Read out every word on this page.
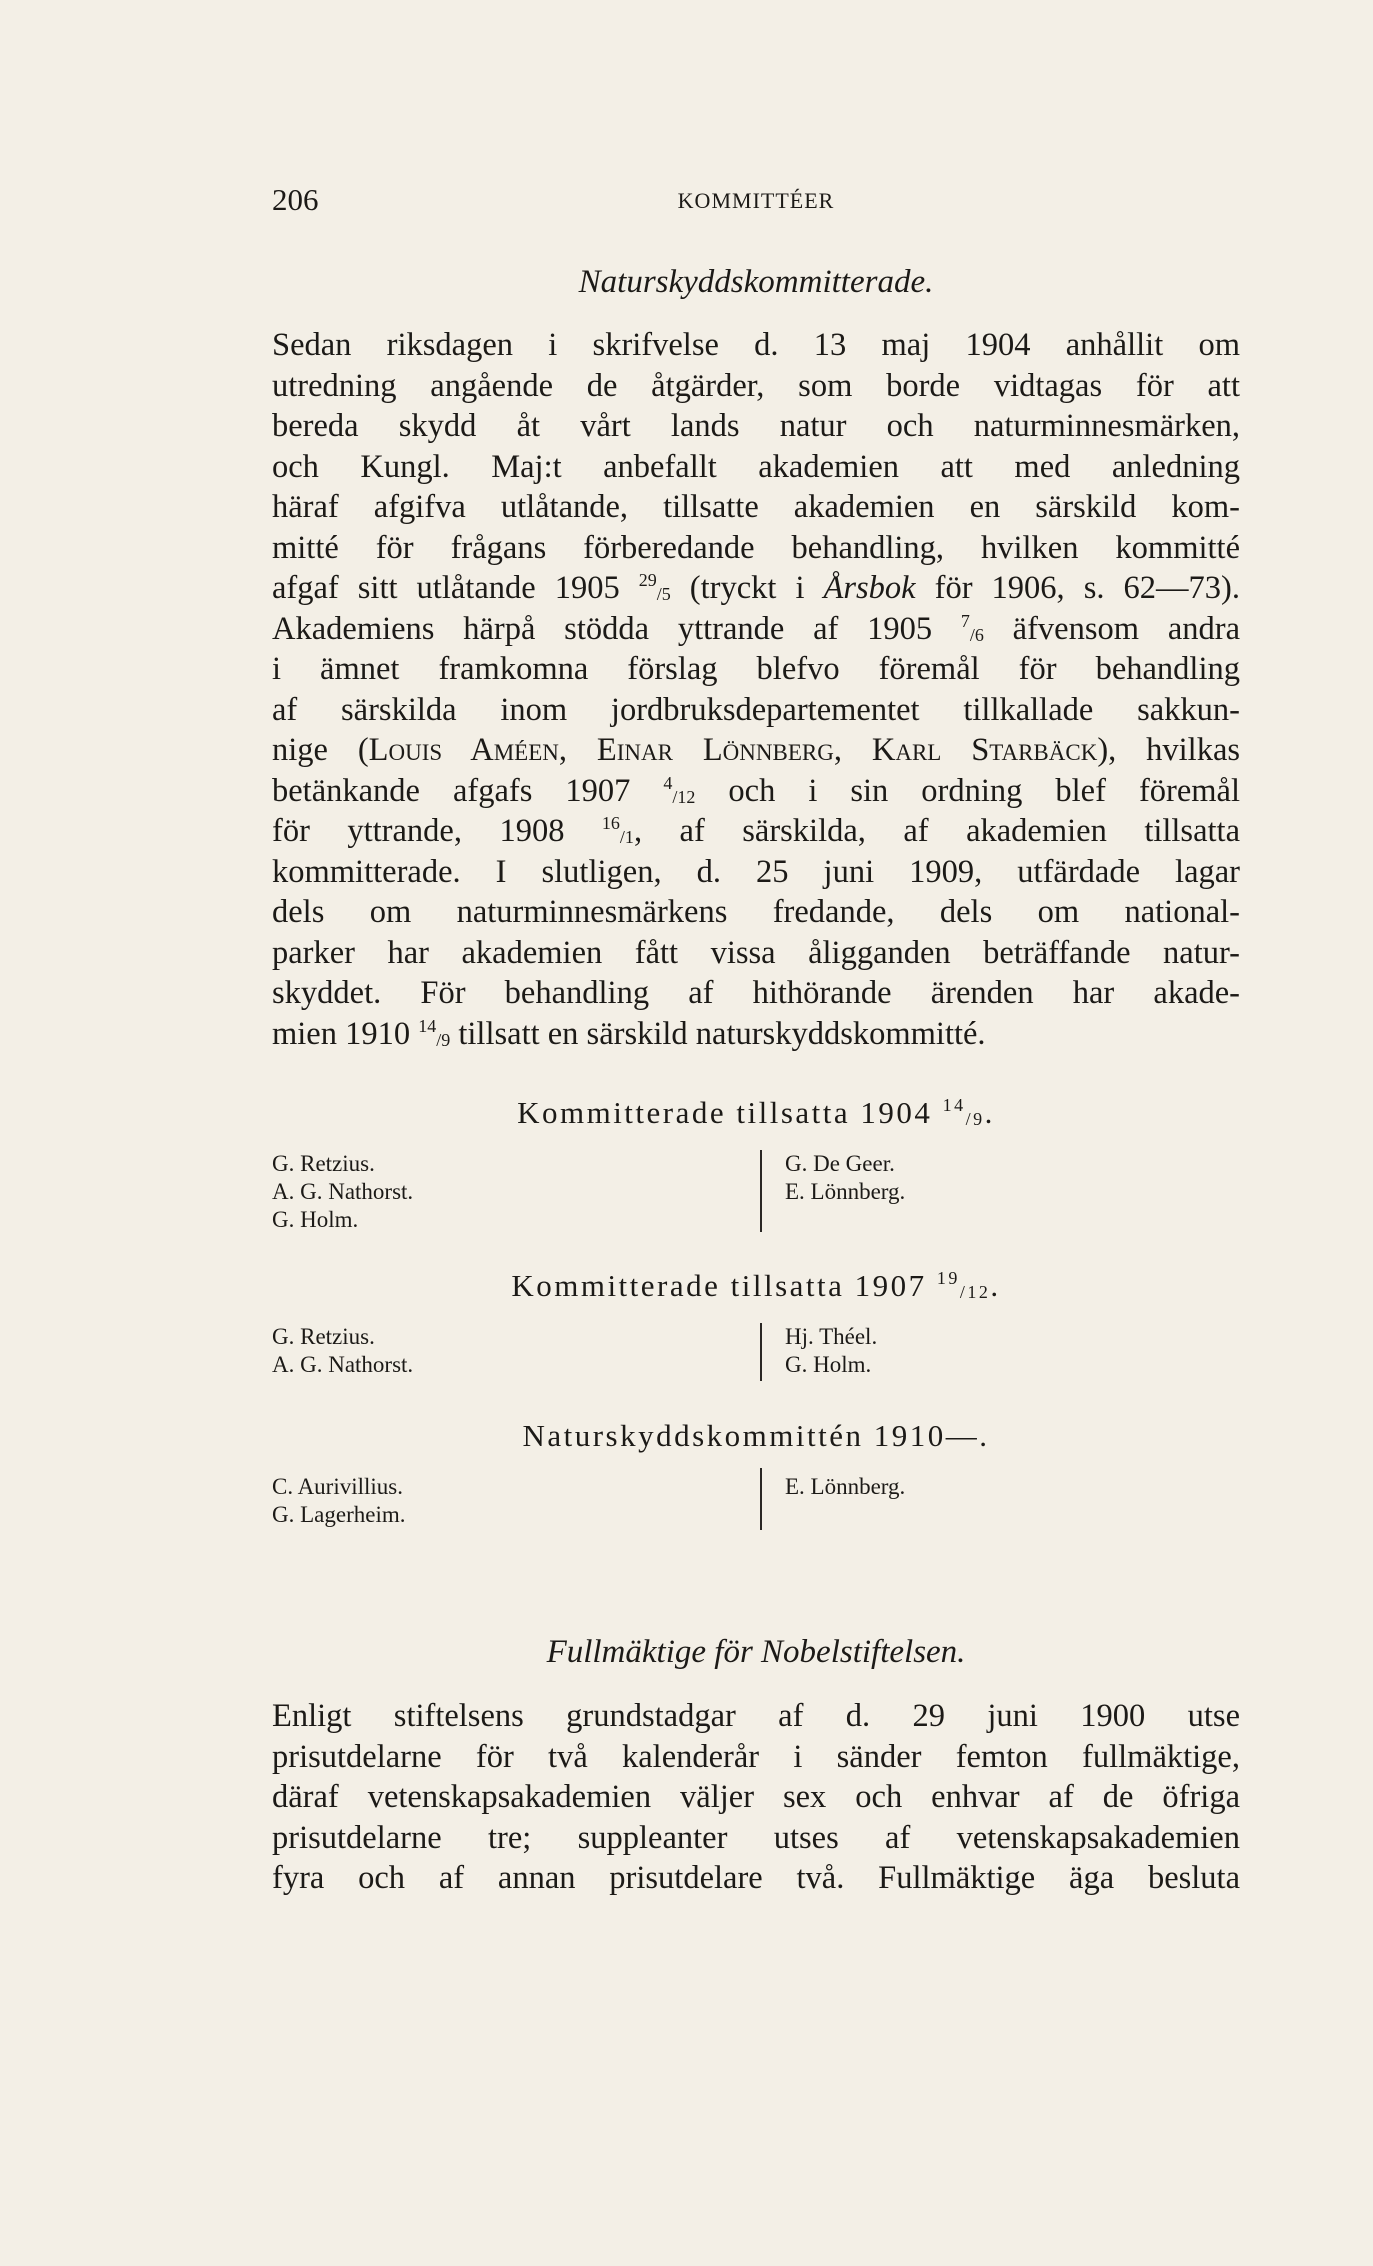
206	KOMMITTÉER
Naturskyddskommitterade.
Sedan riksdagen i skrifvelse d. 13 maj 1904 anhållit om
utredning angående de åtgärder, som borde vidtagas för att
bereda skydd åt vårt lands natur och naturminnesmärken,
och Kungl. Maj:t anbefallt akademien att med anledning
häraf afgifva utlåtande, tillsatte akademien en särskild kom-
mitté för frågans förberedande behandling, hvilken kommitté
afgaf sitt utlåtande 1905 $^{29}_{/5}$ (tryckt i Årsbok för 1906, s. 62—73).
Akademiens härpå stödda yttrande af 1905 $^7_{/6}$ äfvensom andra
i ämnet framkomna förslag blefvo föremål för behandling
af särskilda inom jordbruksdepartementet tillkallade sakkun-
nige (Louis Améen, Einar Lönnberg, Karl Starbäck), hvilkas
betänkande afgafs 1907 $^4_{/12}$ och i sin ordning blef föremål
för yttrande, 1908 $^{16}_{/1}$, af särskilda, af akademien tillsatta
kommitterade. I slutligen, d. 25 juni 1909, utfärdade lagar
dels om naturminnesmärkens fredande, dels om national-
parker har akademien fått vissa åligganden beträffande natur-
skyddet. För behandling af hithörande ärenden har akade-
mien 1910 $^{14}_{/9}$ tillsatt en särskild naturskyddskommitté.
Kommitterade tillsatta 1904 $^{14}_{/9}$.
G. Retzius.
A. G. Nathorst.
G. Holm.
G. De Geer.
E. Lönnberg.
Kommitterade tillsatta 1907 $^{19}_{/12}$.
G. Retzius.
A. G. Nathorst.
Hj. Théel.
G. Holm.
Naturskyddskommittén 1910—.
C. Aurivillius.
G. Lagerheim.
E. Lönnberg.
Fullmäktige för Nobelstiftelsen.
Enligt stiftelsens grundstadgar af d. 29 juni 1900 utse
prisutdelarne för två kalenderår i sänder femton fullmäktige,
däraf vetenskapsakademien väljer sex och enhvar af de öfriga
prisutdelarne tre; suppleanter utses af vetenskapsakademien
fyra och af annan prisutdelare två. Fullmäktige äga besluta
